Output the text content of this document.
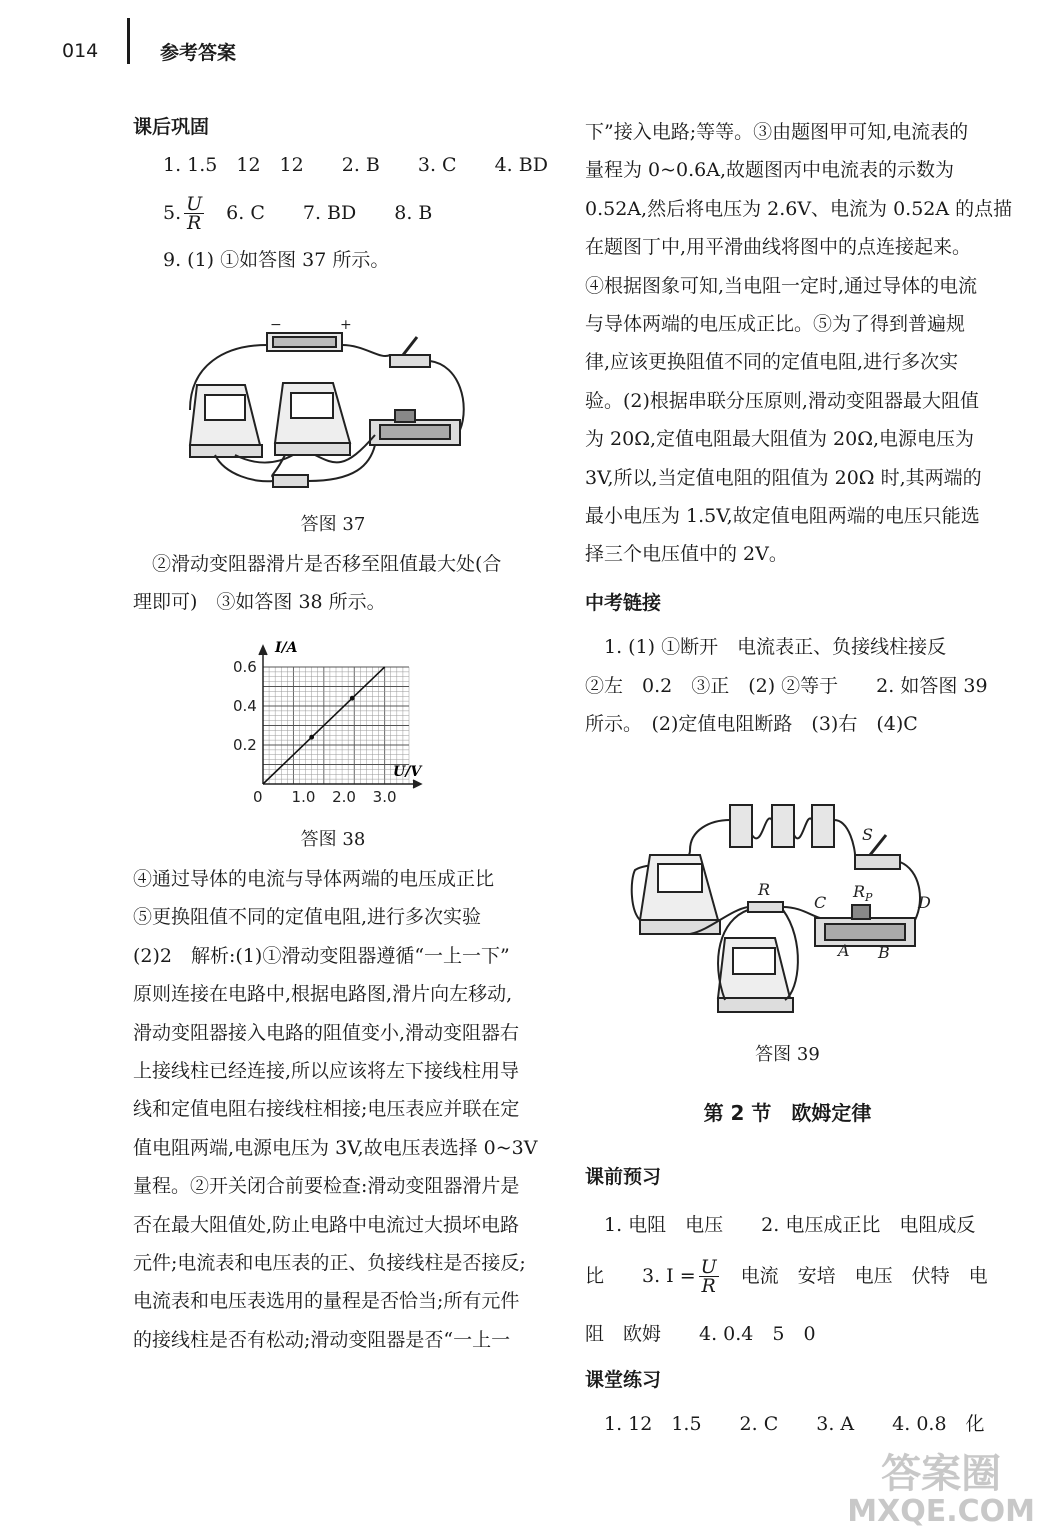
014	参考答案

课后巩固

1. 1.5　12　12　　2. B　　3. C　　4. BD

5. $\frac{U}{R}$ 　6. C　　7. BD　　8. B

9. (1) ①如答图 37 所示。

−	+
答图 37

　②滑动变阻器滑片是否移至阻值最大处(合

理即可)　③如答图 38 所示。

0 1.0 2.0 3.0
0.2
0.4
0.6
I/A
U/V
答图 38

④通过导体的电流与导体两端的电压成正比

⑤更换阻值不同的定值电阻,进行多次实验

(2)2　解析:(1)①滑动变阻器遵循“一上一下”

原则连接在电路中,根据电路图,滑片向左移动,

滑动变阻器接入电路的阻值变小,滑动变阻器右

上接线柱已经连接,所以应该将左下接线柱用导

线和定值电阻右接线柱相接;电压表应并联在定

值电阻两端,电源电压为 3V,故电压表选择 0~3V

量程。②开关闭合前要检查:滑动变阻器滑片是

否在最大阻值处,防止电路中电流过大损坏电路

元件;电流表和电压表的正、负接线柱是否接反;

电流表和电压表选用的量程是否恰当;所有元件

的接线柱是否有松动;滑动变阻器是否“一上一

下”接入电路;等等。③由题图甲可知,电流表的

量程为 0~0.6A,故题图丙中电流表的示数为

0.52A,然后将电压为 2.6V、电流为 0.52A 的点描

在题图丁中,用平滑曲线将图中的点连接起来。

④根据图象可知,当电阻一定时,通过导体的电流

与导体两端的电压成正比。⑤为了得到普遍规

律,应该更换阻值不同的定值电阻,进行多次实

验。(2)根据串联分压原则,滑动变阻器最大阻值

为 20Ω,定值电阻最大阻值为 20Ω,电源电压为

3V,所以,当定值电阻的阻值为 20Ω 时,其两端的

最小电压为 1.5V,故定值电阻两端的电压只能选

择三个电压值中的 2V。

中考链接

　1. (1) ①断开　电流表正、负接线柱接反

②左　0.2　③正　(2) ②等于　　2. 如答图 39

所示。　(2)定值电阻断路　(3)右　(4)C

S
R	$R_P$
C	D
A B
答图 39
第 2 节　欧姆定律

课前预习

　1. 电阻　电压　　2. 电压成正比　电阻成反

比　　3. $I = \frac{U}{R}$ 　电流　安培　电压　伏特　电

阻　欧姆　　4. 0.4　5　0

课堂练习

　1. 12　1.5　　2. C　　3. A　　4. 0.8　化

答案圈
MXQE.COM
